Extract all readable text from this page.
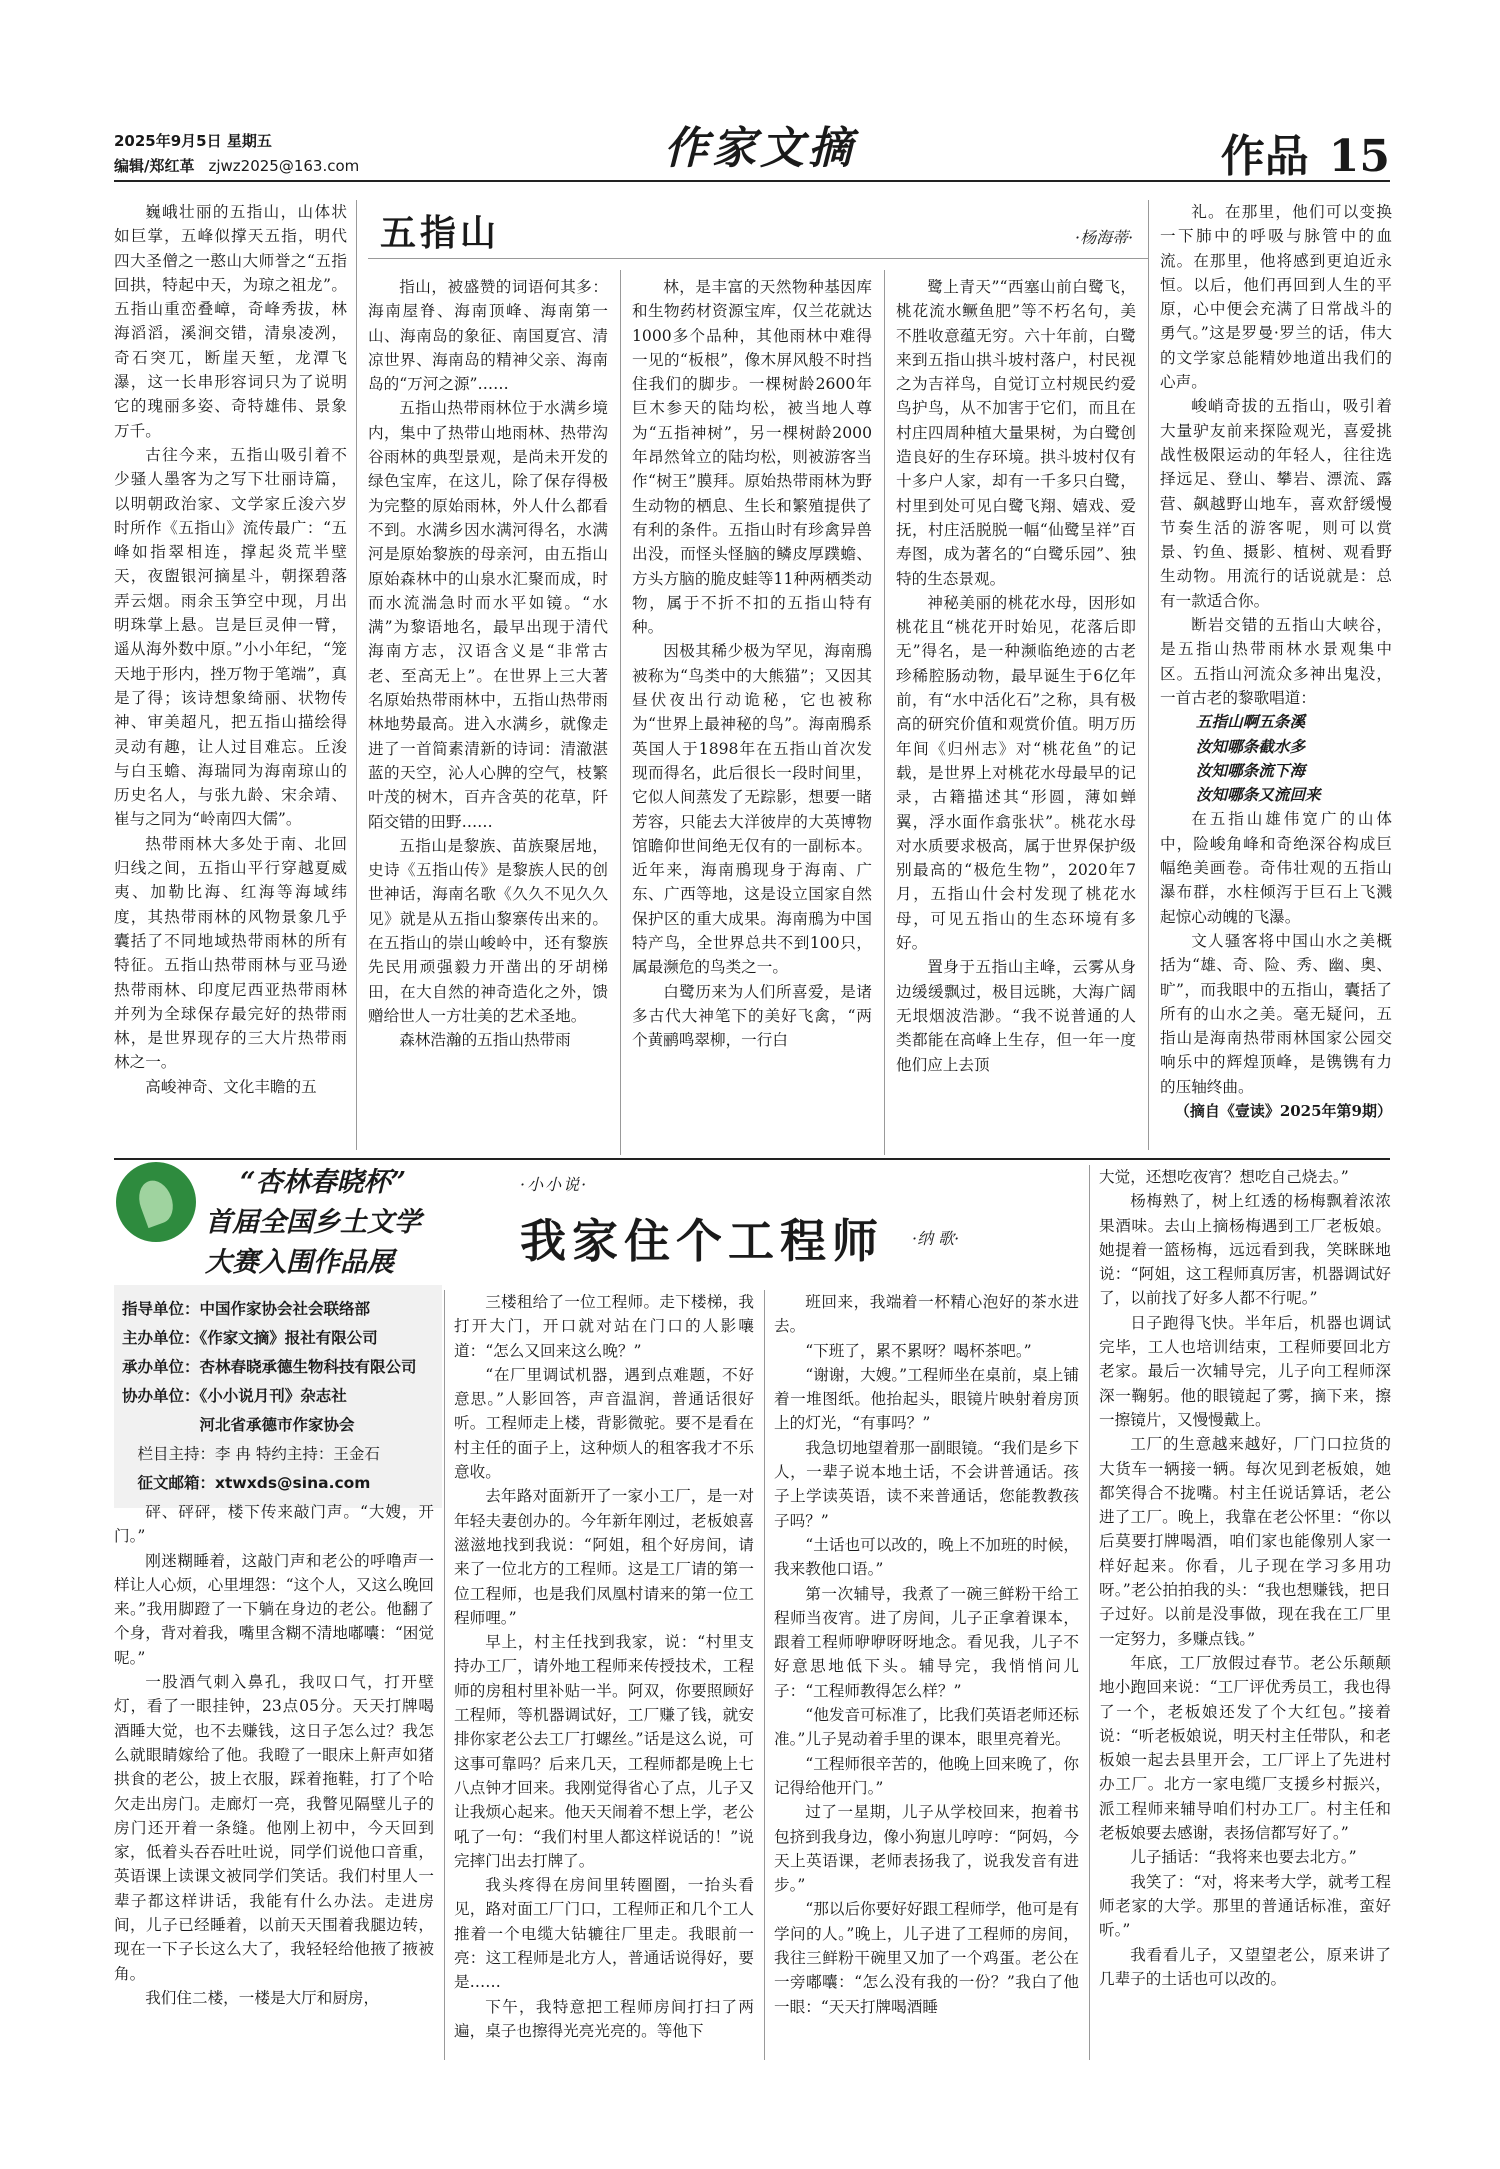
2025年9月5日 星期五
编辑/郑红革 zjwz2025@163.com	作家文摘	作品 15
五指山	·杨海蒂·

巍峨壮丽的五指山，山体状如巨掌，五峰似撑天五指，明代四大圣僧之一憨山大师誉之“五指回拱，特起中天，为琼之祖龙”。五指山重峦叠嶂，奇峰秀拔，林海滔滔，溪涧交错，清泉凌冽，奇石突兀，断崖天堑，龙潭飞瀑，这一长串形容词只为了说明它的瑰丽多姿、奇特雄伟、景象万千。

古往今来，五指山吸引着不少骚人墨客为之写下壮丽诗篇，以明朝政治家、文学家丘浚六岁时所作《五指山》流传最广：“五峰如指翠相连，撑起炎荒半壁天，夜盥银河摘星斗，朝探碧落弄云烟。雨余玉笋空中现，月出明珠掌上悬。岂是巨灵伸一臂，遥从海外数中原。”小小年纪，“笼天地于形内，挫万物于笔端”，真是了得；该诗想象绮丽、状物传神、审美超凡，把五指山描绘得灵动有趣，让人过目难忘。丘浚与白玉蟾、海瑞同为海南琼山的历史名人，与张九龄、宋余靖、崔与之同为“岭南四大儒”。

热带雨林大多处于南、北回归线之间，五指山平行穿越夏威夷、加勒比海、红海等海域纬度，其热带雨林的风物景象几乎囊括了不同地域热带雨林的所有特征。五指山热带雨林与亚马逊热带雨林、印度尼西亚热带雨林并列为全球保存最完好的热带雨林，是世界现存的三大片热带雨林之一。

高峻神奇、文化丰瞻的五

指山，被盛赞的词语何其多：海南屋脊、海南顶峰、海南第一山、海南岛的象征、南国夏宫、清凉世界、海南岛的精神父亲、海南岛的“万河之源”……

五指山热带雨林位于水满乡境内，集中了热带山地雨林、热带沟谷雨林的典型景观，是尚未开发的绿色宝库，在这儿，除了保存得极为完整的原始雨林，外人什么都看不到。水满乡因水满河得名，水满河是原始黎族的母亲河，由五指山原始森林中的山泉水汇聚而成，时而水流湍急时而水平如镜。“水满”为黎语地名，最早出现于清代海南方志，汉语含义是“非常古老、至高无上”。在世界上三大著名原始热带雨林中，五指山热带雨林地势最高。进入水满乡，就像走进了一首简素清新的诗词：清澈湛蓝的天空，沁人心脾的空气，枝繁叶茂的树木，百卉含英的花草，阡陌交错的田野……

五指山是黎族、苗族聚居地，史诗《五指山传》是黎族人民的创世神话，海南名歌《久久不见久久见》就是从五指山黎寨传出来的。在五指山的崇山峻岭中，还有黎族先民用顽强毅力开凿出的牙胡梯田，在大自然的神奇造化之外，馈赠给世人一方壮美的艺术圣地。

森林浩瀚的五指山热带雨

林，是丰富的天然物种基因库和生物药材资源宝库，仅兰花就达1000多个品种，其他雨林中难得一见的“板根”，像木屏风般不时挡住我们的脚步。一棵树龄2600年巨木参天的陆均松，被当地人尊为“五指神树”，另一棵树龄2000年昂然耸立的陆均松，则被游客当作“树王”膜拜。原始热带雨林为野生动物的栖息、生长和繁殖提供了有利的条件。五指山时有珍禽异兽出没，而怪头怪脑的鳞皮厚蹼蟾、方头方脑的脆皮蛙等11种两栖类动物，属于不折不扣的五指山特有种。

因极其稀少极为罕见，海南鳽被称为“鸟类中的大熊猫”；又因其昼伏夜出行动诡秘，它也被称为“世界上最神秘的鸟”。海南鳽系英国人于1898年在五指山首次发现而得名，此后很长一段时间里，它似人间蒸发了无踪影，想要一睹芳容，只能去大洋彼岸的大英博物馆瞻仰世间绝无仅有的一副标本。近年来，海南鳽现身于海南、广东、广西等地，这是设立国家自然保护区的重大成果。海南鳽为中国特产鸟，全世界总共不到100只，属最濒危的鸟类之一。

白鹭历来为人们所喜爱，是诸多古代大神笔下的美好飞禽，“两个黄鹂鸣翠柳，一行白

鹭上青天”“西塞山前白鹭飞，桃花流水鳜鱼肥”等不朽名句，美不胜收意蕴无穷。六十年前，白鹭来到五指山拱斗坡村落户，村民视之为吉祥鸟，自觉订立村规民约爱鸟护鸟，从不加害于它们，而且在村庄四周种植大量果树，为白鹭创造良好的生存环境。拱斗坡村仅有十多户人家，却有一千多只白鹭，村里到处可见白鹭飞翔、嬉戏、爱抚，村庄活脱脱一幅“仙鹭呈祥”百寿图，成为著名的“白鹭乐园”、独特的生态景观。

神秘美丽的桃花水母，因形如桃花且“桃花开时始见，花落后即无”得名，是一种濒临绝迹的古老珍稀腔肠动物，最早诞生于6亿年前，有“水中活化石”之称，具有极高的研究价值和观赏价值。明万历年间《归州志》对“桃花鱼”的记载，是世界上对桃花水母最早的记录，古籍描述其“形圆，薄如蝉翼，浮水面作翕张状”。桃花水母对水质要求极高，属于世界保护级别最高的“极危生物”，2020年7月，五指山什会村发现了桃花水母，可见五指山的生态环境有多好。

置身于五指山主峰，云雾从身边缓缓飘过，极目远眺，大海广阔无垠烟波浩渺。“我不说普通的人类都能在高峰上生存，但一年一度他们应上去顶

礼。在那里，他们可以变换一下肺中的呼吸与脉管中的血流。在那里，他将感到更迫近永恒。以后，他们再回到人生的平原，心中便会充满了日常战斗的勇气。”这是罗曼·罗兰的话，伟大的文学家总能精妙地道出我们的心声。

峻峭奇拔的五指山，吸引着大量驴友前来探险观光，喜爱挑战性极限运动的年轻人，往往选择远足、登山、攀岩、漂流、露营、飙越野山地车，喜欢舒缓慢节奏生活的游客呢，则可以赏景、钓鱼、摄影、植树、观看野生动物。用流行的话说就是：总有一款适合你。

断岩交错的五指山大峡谷，是五指山热带雨林水景观集中区。五指山河流众多神出鬼没，一首古老的黎歌唱道：

五指山啊五条溪

汝知哪条截水多

汝知哪条流下海

汝知哪条又流回来

在五指山雄伟宽广的山体中，险峻角峰和奇绝深谷构成巨幅绝美画卷。奇伟壮观的五指山瀑布群，水柱倾泻于巨石上飞溅起惊心动魄的飞瀑。

文人骚客将中国山水之美概括为“雄、奇、险、秀、幽、奥、旷”，而我眼中的五指山，囊括了所有的山水之美。毫无疑问，五指山是海南热带雨林国家公园交响乐中的辉煌顶峰，是镌镌有力的压轴终曲。

（摘自《壹读》2025年第9期）

“杏林春晓杯”
首届全国乡土文学
大赛入围作品展
指导单位：中国作家协会社会联络部
主办单位：《作家文摘》报社有限公司
承办单位：杏林春晓承德生物科技有限公司
协办单位：《小小说月刊》杂志社
河北省承德市作家协会
栏目主持：李 冉 特约主持：王金石
征文邮箱：xtwxds@sina.com
·小小说·
我家住个工程师 ·纳 歌·

砰、砰砰，楼下传来敲门声。“大嫂，开门。”

刚迷糊睡着，这敲门声和老公的呼噜声一样让人心烦，心里埋怨：“这个人，又这么晚回来。”我用脚蹬了一下躺在身边的老公。他翻了个身，背对着我，嘴里含糊不清地嘟囔：“困觉呢。”

一股酒气刺入鼻孔，我叹口气，打开壁灯，看了一眼挂钟，23点05分。天天打牌喝酒睡大觉，也不去赚钱，这日子怎么过？我怎么就眼睛嫁给了他。我瞪了一眼床上鼾声如猪拱食的老公，披上衣服，踩着拖鞋，打了个哈欠走出房门。走廊灯一亮，我瞥见隔壁儿子的房门还开着一条缝。他刚上初中，今天回到家，低着头吞吞吐吐说，同学们说他口音重，英语课上读课文被同学们笑话。我们村里人一辈子都这样讲话，我能有什么办法。走进房间，儿子已经睡着，以前天天围着我腿边转，现在一下子长这么大了，我轻轻给他掖了掖被角。

我们住二楼，一楼是大厅和厨房，

三楼租给了一位工程师。走下楼梯，我打开大门，开口就对站在门口的人影嚷道：“怎么又回来这么晚？”

“在厂里调试机器，遇到点难题，不好意思。”人影回答，声音温润，普通话很好听。工程师走上楼，背影微驼。要不是看在村主任的面子上，这种烦人的租客我才不乐意收。

去年路对面新开了一家小工厂，是一对年轻夫妻创办的。今年新年刚过，老板娘喜滋滋地找到我说：“阿姐，租个好房间，请来了一位北方的工程师。这是工厂请的第一位工程师，也是我们凤凰村请来的第一位工程师哩。”

早上，村主任找到我家，说：“村里支持办工厂，请外地工程师来传授技术，工程师的房租村里补贴一半。阿双，你要照顾好工程师，等机器调试好，工厂赚了钱，就安排你家老公去工厂打螺丝。”话是这么说，可这事可靠吗？后来几天，工程师都是晚上七八点钟才回来。我刚觉得省心了点，儿子又让我烦心起来。他天天闹着不想上学，老公吼了一句：“我们村里人都这样说话的！”说完摔门出去打牌了。

我头疼得在房间里转圈圈，一抬头看见，路对面工厂门口，工程师正和几个工人推着一个电缆大钻辘往厂里走。我眼前一亮：这工程师是北方人，普通话说得好，要是……

下午，我特意把工程师房间打扫了两遍，桌子也擦得光亮光亮的。等他下

班回来，我端着一杯精心泡好的茶水进去。

“下班了，累不累呀？喝杯茶吧。”

“谢谢，大嫂。”工程师坐在桌前，桌上铺着一堆图纸。他抬起头，眼镜片映射着房顶上的灯光，“有事吗？”

我急切地望着那一副眼镜。“我们是乡下人，一辈子说本地土话，不会讲普通话。孩子上学读英语，读不来普通话，您能教教孩子吗？”

“土话也可以改的，晚上不加班的时候，我来教他口语。”

第一次辅导，我煮了一碗三鲜粉干给工程师当夜宵。进了房间，儿子正拿着课本，跟着工程师咿咿呀呀地念。看见我，儿子不好意思地低下头。辅导完，我悄悄问儿子：“工程师教得怎么样？”

“他发音可标准了，比我们英语老师还标准。”儿子晃动着手里的课本，眼里亮着光。

“工程师很辛苦的，他晚上回来晚了，你记得给他开门。”

过了一星期，儿子从学校回来，抱着书包挤到我身边，像小狗崽儿哼哼：“阿妈，今天上英语课，老师表扬我了，说我发音有进步。”

“那以后你要好好跟工程师学，他可是有学问的人。”晚上，儿子进了工程师的房间，我往三鲜粉干碗里又加了一个鸡蛋。老公在一旁嘟囔：“怎么没有我的一份？”我白了他一眼：“天天打牌喝酒睡

大觉，还想吃夜宵？想吃自己烧去。”

杨梅熟了，树上红透的杨梅飘着浓浓果酒味。去山上摘杨梅遇到工厂老板娘。她提着一篮杨梅，远远看到我，笑眯眯地说：“阿姐，这工程师真厉害，机器调试好了，以前找了好多人都不行呢。”

日子跑得飞快。半年后，机器也调试完毕，工人也培训结束，工程师要回北方老家。最后一次辅导完，儿子向工程师深深一鞠躬。他的眼镜起了雾，摘下来，擦一擦镜片，又慢慢戴上。

工厂的生意越来越好，厂门口拉货的大货车一辆接一辆。每次见到老板娘，她都笑得合不拢嘴。村主任说话算话，老公进了工厂。晚上，我靠在老公怀里：“你以后莫要打牌喝酒，咱们家也能像别人家一样好起来。你看，儿子现在学习多用功呀。”老公拍拍我的头：“我也想赚钱，把日子过好。以前是没事做，现在我在工厂里一定努力，多赚点钱。”

年底，工厂放假过春节。老公乐颠颠地小跑回来说：“工厂评优秀员工，我也得了一个，老板娘还发了个大红包。”接着说：“听老板娘说，明天村主任带队，和老板娘一起去县里开会，工厂评上了先进村办工厂。北方一家电缆厂支援乡村振兴，派工程师来辅导咱们村办工厂。村主任和老板娘要去感谢，表扬信都写好了。”

儿子插话：“我将来也要去北方。”

我笑了：“对，将来考大学，就考工程师老家的大学。那里的普通话标准，蛮好听。”

我看看儿子，又望望老公，原来讲了几辈子的土话也可以改的。
